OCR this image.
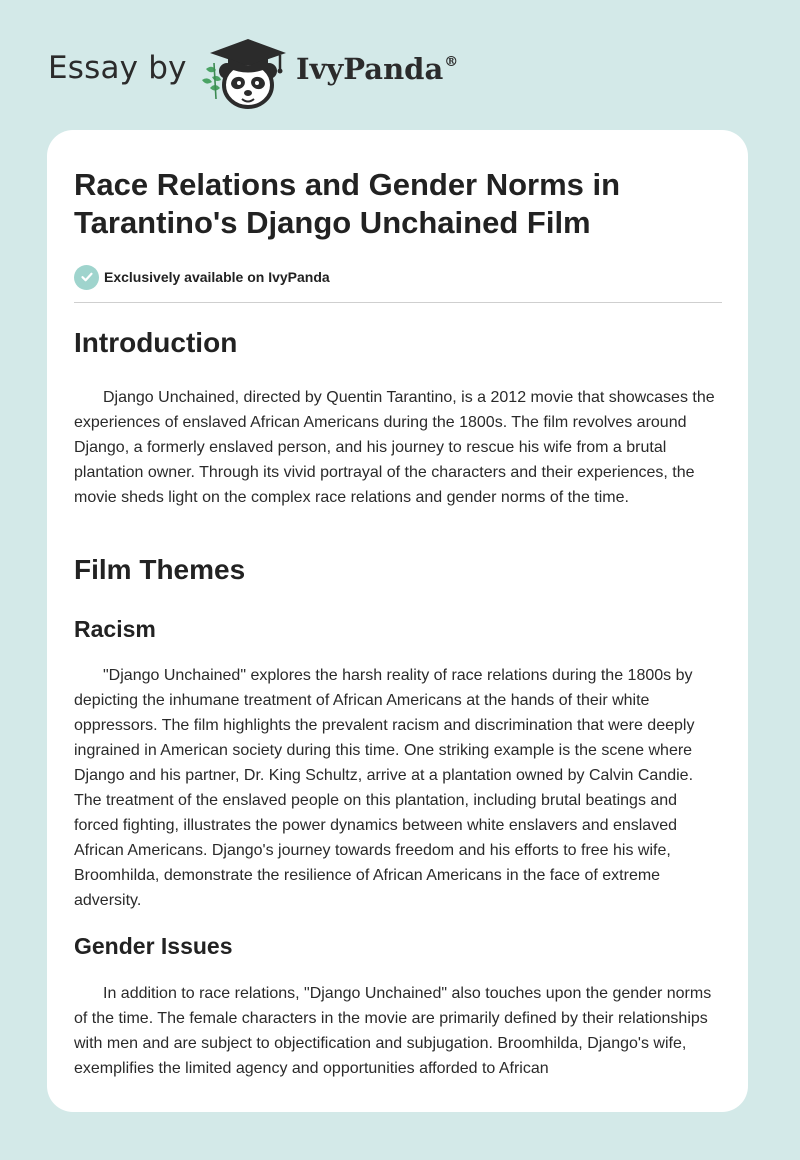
Essay by	IvyPanda®
Race Relations and Gender Norms in Tarantino's Django Unchained Film
Exclusively available on IvyPanda
Introduction

Django Unchained, directed by Quentin Tarantino, is a 2012 movie that showcases the experiences of enslaved African Americans during the 1800s. The film revolves around Django, a formerly enslaved person, and his journey to rescue his wife from a brutal plantation owner. Through its vivid portrayal of the characters and their experiences, the movie sheds light on the complex race relations and gender norms of the time.

Film Themes
Racism

"Django Unchained" explores the harsh reality of race relations during the 1800s by depicting the inhumane treatment of African Americans at the hands of their white oppressors. The film highlights the prevalent racism and discrimination that were deeply ingrained in American society during this time. One striking example is the scene where Django and his partner, Dr. King Schultz, arrive at a plantation owned by Calvin Candie. The treatment of the enslaved people on this plantation, including brutal beatings and forced fighting, illustrates the power dynamics between white enslavers and enslaved African Americans. Django's journey towards freedom and his efforts to free his wife, Broomhilda, demonstrate the resilience of African Americans in the face of extreme adversity.

Gender Issues

In addition to race relations, "Django Unchained" also touches upon the gender norms of the time. The female characters in the movie are primarily defined by their relationships with men and are subject to objectification and subjugation. Broomhilda, Django's wife, exemplifies the limited agency and opportunities afforded to African
